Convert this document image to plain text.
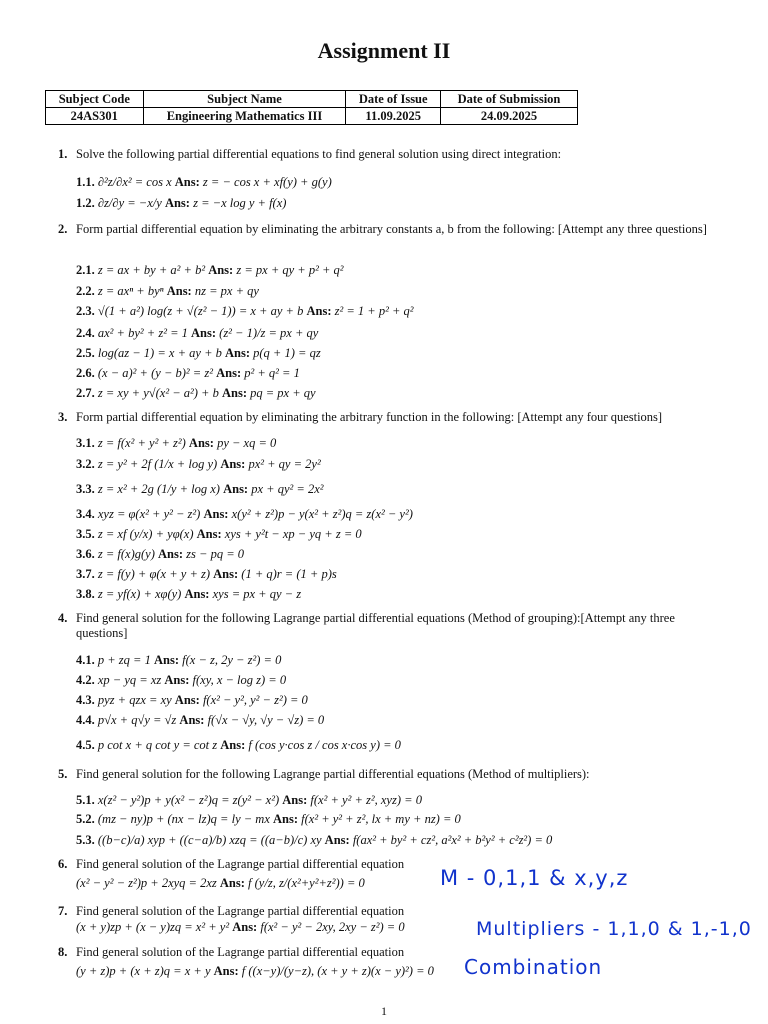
Assignment II
Subject Code	Subject Name	Date of Issue	Date of Submission
24AS301	Engineering Mathematics III	11.09.2025	24.09.2025
1. Solve the following partial differential equations to find general solution using direct integration:
1.1. ∂²z/∂x² = cos x Ans: z = − cos x + xf(y) + g(y)
1.2. ∂z/∂y = −x/y Ans: z = −x log y + f(x)
2. Form partial differential equation by eliminating the arbitrary constants a, b from the following: [Attempt any three questions]
2.1. z = ax + by + a² + b² Ans: z = px + qy + p² + q²
2.2. z = axⁿ + byⁿ Ans: nz = px + qy
2.3. √(1 + a²) log(z + √(z² − 1)) = x + ay + b Ans: z² = 1 + p² + q²
2.4. ax² + by² + z² = 1 Ans: (z² − 1)/z = px + qy
2.5. log(az − 1) = x + ay + b Ans: p(q + 1) = qz
2.6. (x − a)² + (y − b)² = z² Ans: p² + q² = 1
2.7. z = xy + y√(x² − a²) + b Ans: pq = px + qy
3. Form partial differential equation by eliminating the arbitrary function in the following: [Attempt any four questions]
3.1. z = f(x² + y² + z²) Ans: py − xq = 0
3.2. z = y² + 2f (1/x + log y) Ans: px² + qy = 2y²
3.3. z = x² + 2g (1/y + log x) Ans: px + qy² = 2x²
3.4. xyz = φ(x² + y² − z²) Ans: x(y² + z²)p − y(x² + z²)q = z(x² − y²)
3.5. z = xf (y/x) + yφ(x) Ans: xys + y²t − xp − yq + z = 0
3.6. z = f(x)g(y) Ans: zs − pq = 0
3.7. z = f(y) + φ(x + y + z) Ans: (1 + q)r = (1 + p)s
3.8. z = yf(x) + xφ(y) Ans: xys = px + qy − z
4. Find general solution for the following Lagrange partial differential equations (Method of grouping):[Attempt any three questions]
4.1. p + zq = 1 Ans: f(x − z, 2y − z²) = 0
4.2. xp − yq = xz Ans: f(xy, x − log z) = 0
4.3. pyz + qzx = xy Ans: f(x² − y², y² − z²) = 0
4.4. p√x + q√y = √z Ans: f(√x − √y, √y − √z) = 0
4.5. p cot x + q cot y = cot z Ans: f (cos y·cos z / cos x·cos y) = 0
5. Find general solution for the following Lagrange partial differential equations (Method of multipliers):
5.1. x(z² − y²)p + y(x² − z²)q = z(y² − x²) Ans: f(x² + y² + z², xyz) = 0
5.2. (mz − ny)p + (nx − lz)q = ly − mx Ans: f(x² + y² + z², lx + my + nz) = 0
5.3. ((b−c)/a) xyp + ((c−a)/b) xzq = ((a−b)/c) xy Ans: f(ax² + by² + cz², a²x² + b²y² + c²z²) = 0
6. Find general solution of the Lagrange partial differential equation
(x² − y² − z²)p + 2xyq = 2xz Ans: f (y/z, z/(x²+y²+z²)) = 0
7. Find general solution of the Lagrange partial differential equation
(x + y)zp + (x − y)zq = x² + y² Ans: f(x² − y² − 2xy, 2xy − z²) = 0
8. Find general solution of the Lagrange partial differential equation
(y + z)p + (x + z)q = x + y Ans: f ((x−y)/(y−z), (x + y + z)(x − y)²) = 0
M - 0,1,1 & x,y,z
Multipliers - 1,1,0 & 1,-1,0
Combination
1
